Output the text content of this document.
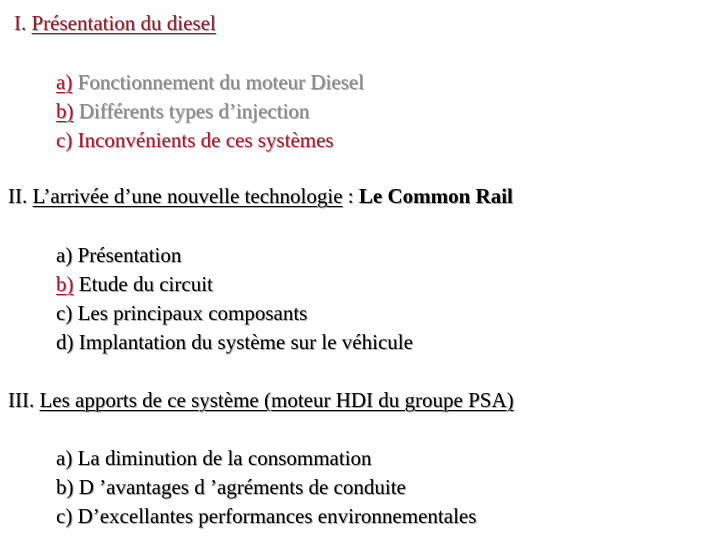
I. Présentation du diesel
a) Fonctionnement du moteur Diesel
b) Différents types d’injection
c) Inconvénients de ces systèmes
II. L’arrivée d’une nouvelle technologie : Le Common Rail
a) Présentation
b) Etude du circuit
c) Les principaux composants
d) Implantation du système sur le véhicule
III. Les apports de ce système (moteur HDI du groupe PSA)
a) La diminution de la consommation
b) D ’avantages d ’agréments de conduite
c) D’excellantes performances environnementales
